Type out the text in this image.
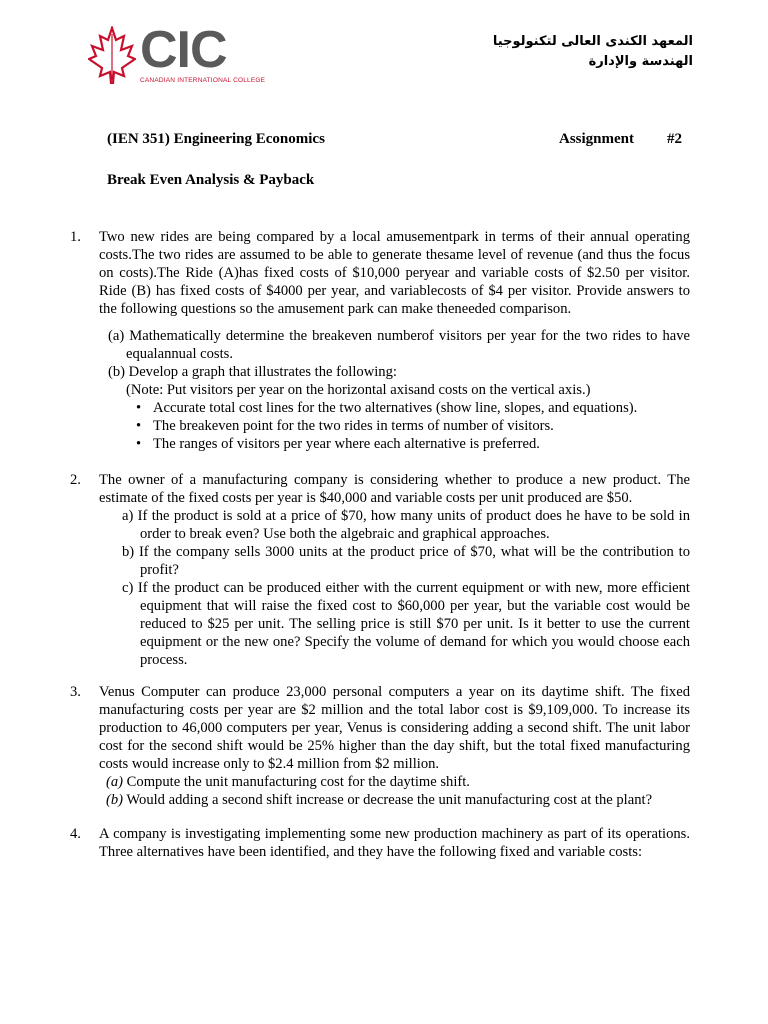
CIC
CANADIAN INTERNATIONAL COLLEGE
المعهد الكندى العالى لتكنولوجيا
الهندسة والإدارة
(IEN 351) Engineering Economics	Assignment #2
Break Even Analysis & Payback
1.	Two new rides are being compared by a local amusementpark in terms of their annual operating costs.The two rides are assumed to be able to generate thesame level of revenue (and thus the focus on costs).The Ride (A)has fixed costs of $10,000 peryear and variable costs of $2.50 per visitor. Ride (B) has fixed costs of $4000 per year, and variablecosts of $4 per visitor. Provide answers to the following questions so the amusement park can make theneeded comparison.
(a) Mathematically determine the breakeven numberof visitors per year for the two rides to have equalannual costs.
(b) Develop a graph that illustrates the following:
(Note: Put visitors per year on the horizontal axisand costs on the vertical axis.)
• Accurate total cost lines for the two alternatives (show line, slopes, and equations).
• The breakeven point for the two rides in terms of number of visitors.
• The ranges of visitors per year where each alternative is preferred.
2.	The owner of a manufacturing company is considering whether to produce a new product. The estimate of the fixed costs per year is $40,000 and variable costs per unit produced are $50.
a) If the product is sold at a price of $70, how many units of product does he have to be sold in order to break even? Use both the algebraic and graphical approaches.
b) If the company sells 3000 units at the product price of $70, what will be the contribution to profit?
c) If the product can be produced either with the current equipment or with new, more efficient equipment that will raise the fixed cost to $60,000 per year, but the variable cost would be reduced to $25 per unit. The selling price is still $70 per unit. Is it better to use the current equipment or the new one? Specify the volume of demand for which you would choose each process.
3.	Venus Computer can produce 23,000 personal computers a year on its daytime shift. The fixed manufacturing costs per year are $2 million and the total labor cost is $9,109,000. To increase its production to 46,000 computers per year, Venus is considering adding a second shift. The unit labor cost for the second shift would be 25% higher than the day shift, but the total fixed manufacturing costs would increase only to $2.4 million from $2 million.
(a) Compute the unit manufacturing cost for the daytime shift.
(b) Would adding a second shift increase or decrease the unit manufacturing cost at the plant?
4.	A company is investigating implementing some new production machinery as part of its operations. Three alternatives have been identified, and they have the following fixed and variable costs:
